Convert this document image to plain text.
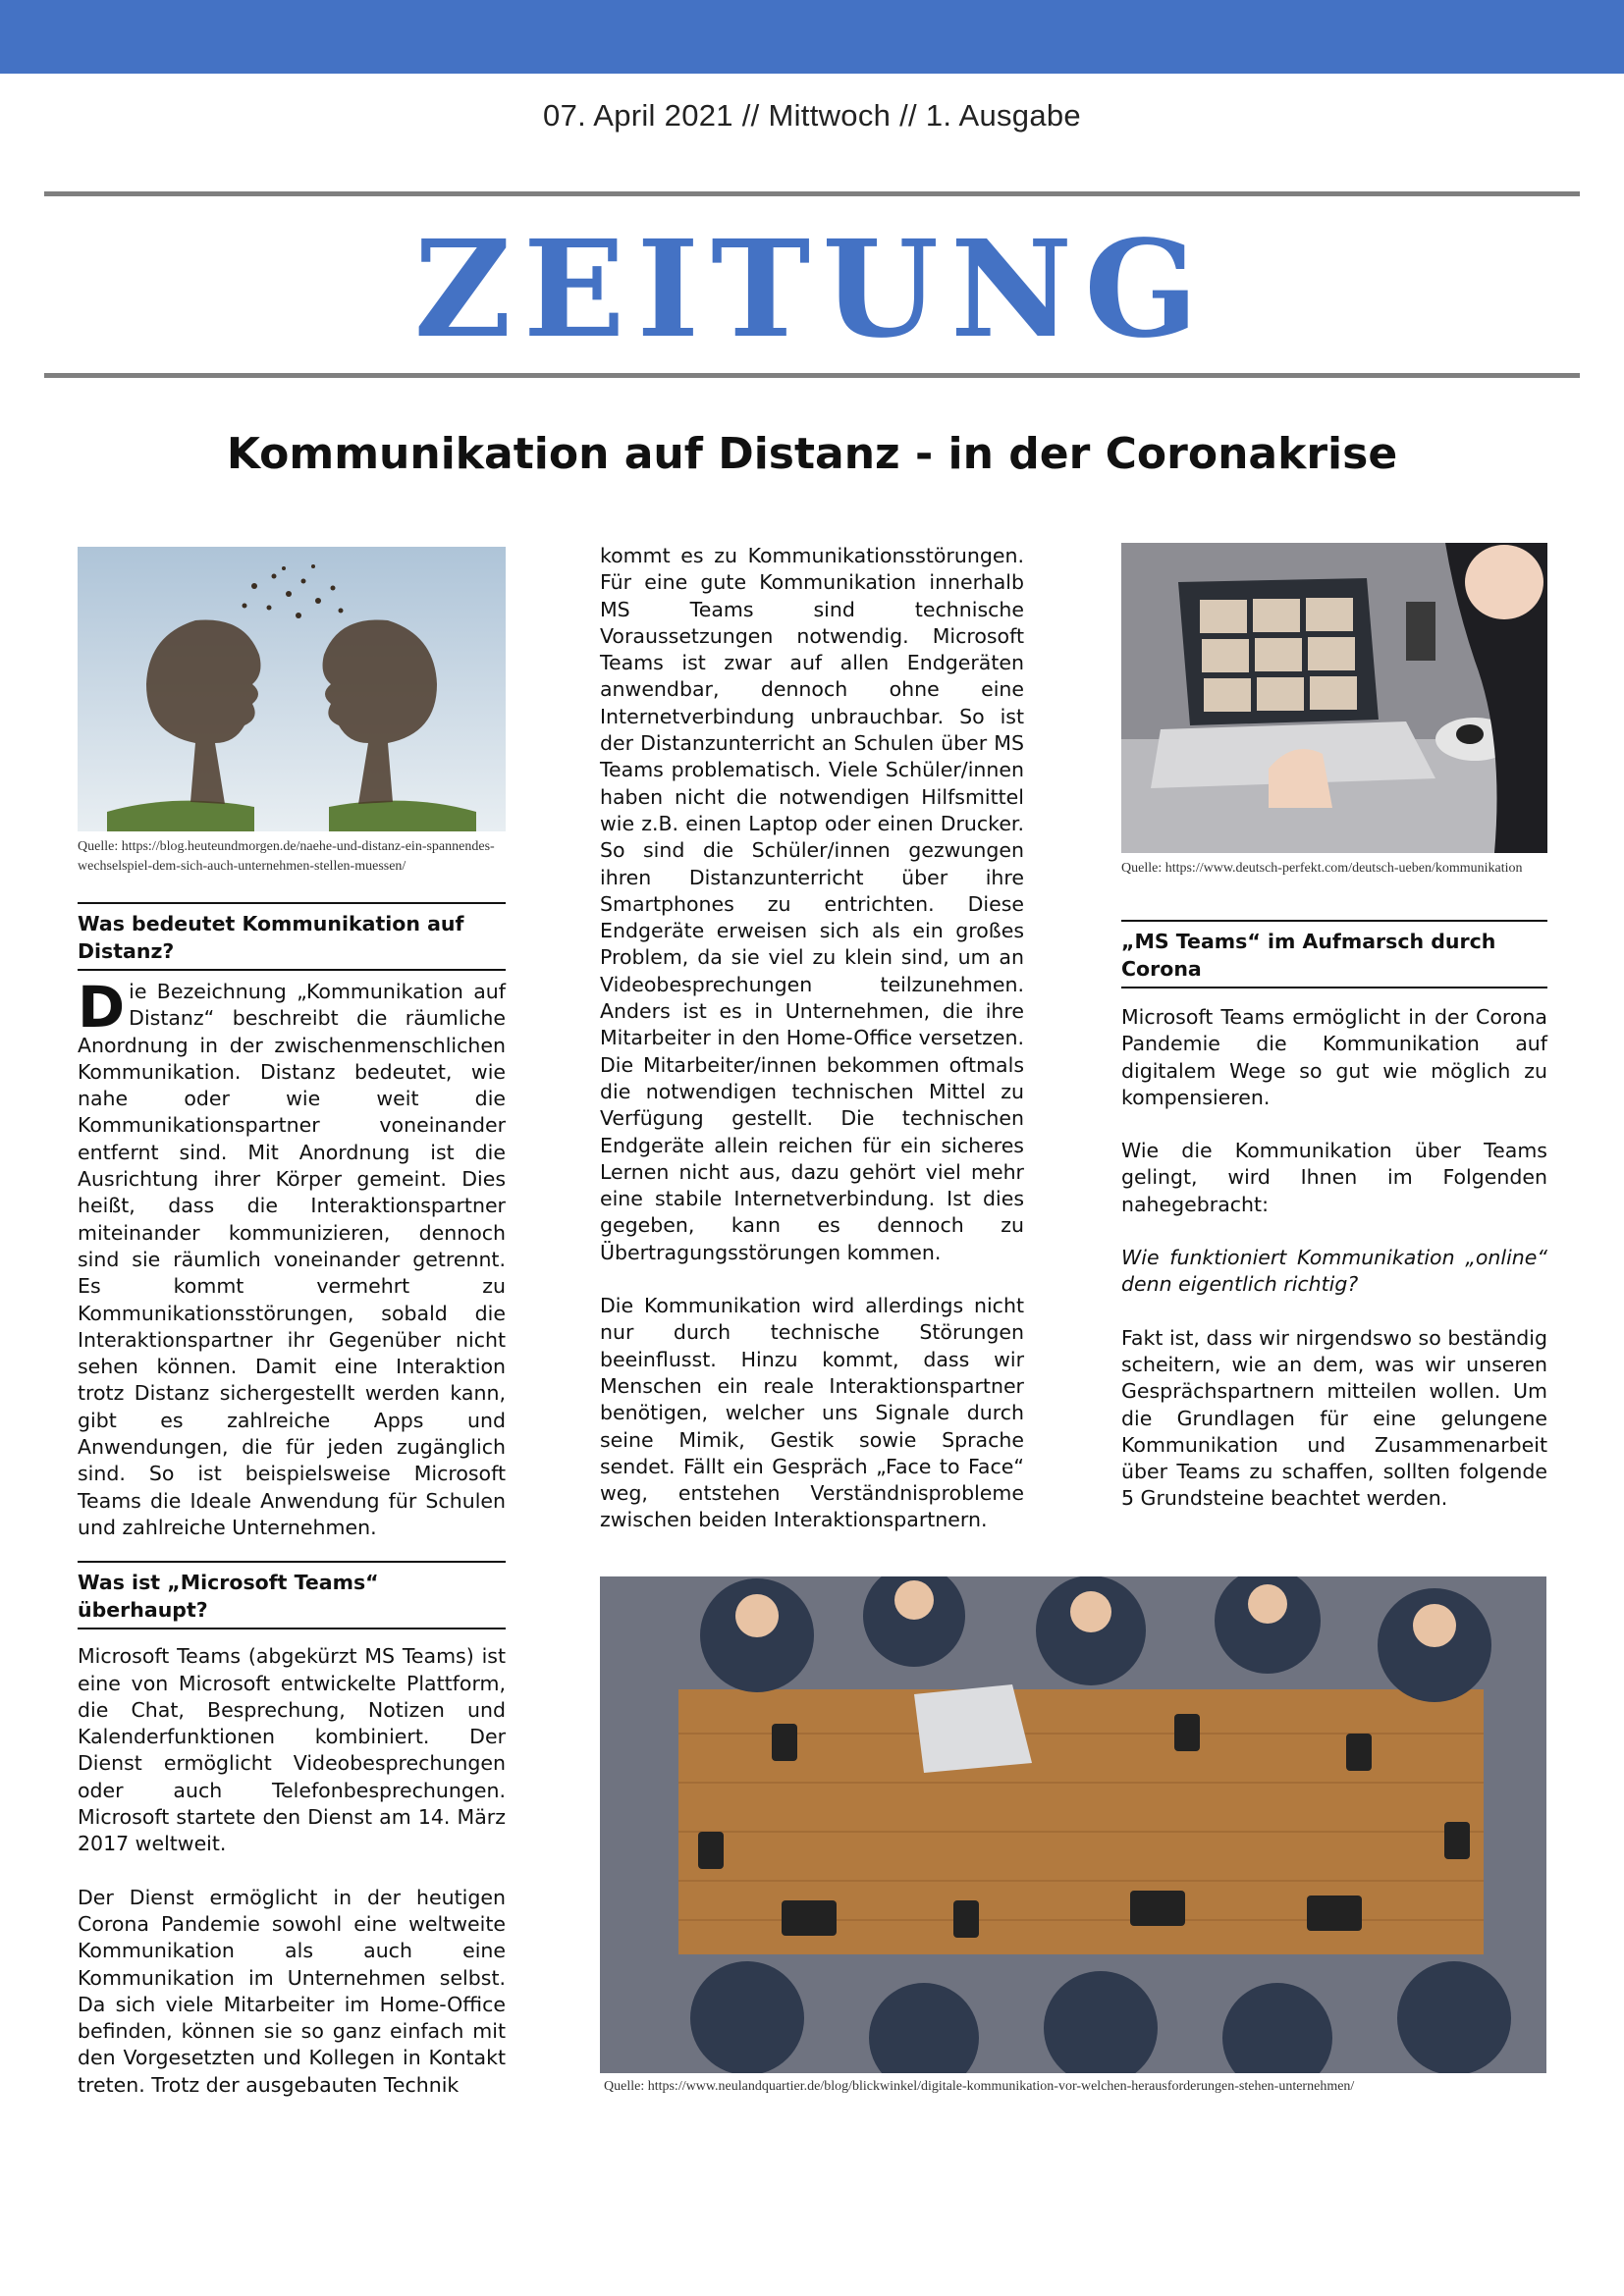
07. April 2021 // Mittwoch // 1. Ausgabe
ZEITUNG
Kommunikation auf Distanz - in der Coronakrise

Quelle: https://blog.heuteundmorgen.de/naehe-und-distanz-ein-spannendes-wechselspiel-dem-sich-auch-unternehmen-stellen-muessen/

Was bedeutet Kommunikation auf Distanz?

Die Bezeichnung „Kommunikation auf Distanz“ beschreibt die räumliche Anordnung in der zwischenmenschlichen Kommunikation. Distanz bedeutet, wie nahe oder wie weit die Kommunikationspartner voneinander entfernt sind. Mit Anordnung ist die Ausrichtung ihrer Körper gemeint. Dies heißt, dass die Interaktionspartner miteinander kommunizieren, dennoch sind sie räumlich voneinander getrennt. Es kommt vermehrt zu Kommunikationsstörungen, sobald die Interaktionspartner ihr Gegenüber nicht sehen können. Damit eine Interaktion trotz Distanz sichergestellt werden kann, gibt es zahlreiche Apps und Anwendungen, die für jeden zugänglich sind. So ist beispielsweise Microsoft Teams die Ideale Anwendung für Schulen und zahlreiche Unternehmen.

Was ist „Microsoft Teams“ überhaupt?

Microsoft Teams (abgekürzt MS Teams) ist eine von Microsoft entwickelte Plattform, die Chat, Besprechung, Notizen und Kalenderfunktionen kombiniert. Der Dienst ermöglicht Videobesprechungen oder auch Telefonbesprechungen. Microsoft startete den Dienst am 14. März 2017 weltweit.

Der Dienst ermöglicht in der heutigen Corona Pandemie sowohl eine weltweite Kommunikation als auch eine Kommunikation im Unternehmen selbst. Da sich viele Mitarbeiter im Home-Office befinden, können sie so ganz einfach mit den Vorgesetzten und Kollegen in Kontakt treten. Trotz der ausgebauten Technik

kommt es zu Kommunikationsstörungen. Für eine gute Kommunikation innerhalb MS Teams sind technische Voraussetzungen notwendig. Microsoft Teams ist zwar auf allen Endgeräten anwendbar, dennoch ohne eine Internetverbindung unbrauchbar. So ist der Distanzunterricht an Schulen über MS Teams problematisch. Viele Schüler/innen haben nicht die notwendigen Hilfsmittel wie z.B. einen Laptop oder einen Drucker. So sind die Schüler/innen gezwungen ihren Distanzunterricht über ihre Smartphones zu entrichten. Diese Endgeräte erweisen sich als ein großes Problem, da sie viel zu klein sind, um an Videobesprechungen teilzunehmen. Anders ist es in Unternehmen, die ihre Mitarbeiter in den Home-Office versetzen. Die Mitarbeiter/innen bekommen oftmals die notwendigen technischen Mittel zu Verfügung gestellt. Die technischen Endgeräte allein reichen für ein sicheres Lernen nicht aus, dazu gehört viel mehr eine stabile Internetverbindung. Ist dies gegeben, kann es dennoch zu Übertragungsstörungen kommen.

Die Kommunikation wird allerdings nicht nur durch technische Störungen beeinflusst. Hinzu kommt, dass wir Menschen ein reale Interaktionspartner benötigen, welcher uns Signale durch seine Mimik, Gestik sowie Sprache sendet. Fällt ein Gespräch „Face to Face“ weg, entstehen Verständnisprobleme zwischen beiden Interaktionspartnern.

Quelle: https://www.deutsch-perfekt.com/deutsch-ueben/kommunikation

„MS Teams“ im Aufmarsch durch Corona

Microsoft Teams ermöglicht in der Corona Pandemie die Kommunikation auf digitalem Wege so gut wie möglich zu kompensieren.

Wie die Kommunikation über Teams gelingt, wird Ihnen im Folgenden nahegebracht:

Wie funktioniert Kommunikation „online“ denn eigentlich richtig?

Fakt ist, dass wir nirgendswo so beständig scheitern, wie an dem, was wir unseren Gesprächspartnern mitteilen wollen. Um die Grundlagen für eine gelungene Kommunikation und Zusammenarbeit über Teams zu schaffen, sollten folgende 5 Grundsteine beachtet werden.

Quelle: https://www.neulandquartier.de/blog/blickwinkel/digitale-kommunikation-vor-welchen-herausforderungen-stehen-unternehmen/
